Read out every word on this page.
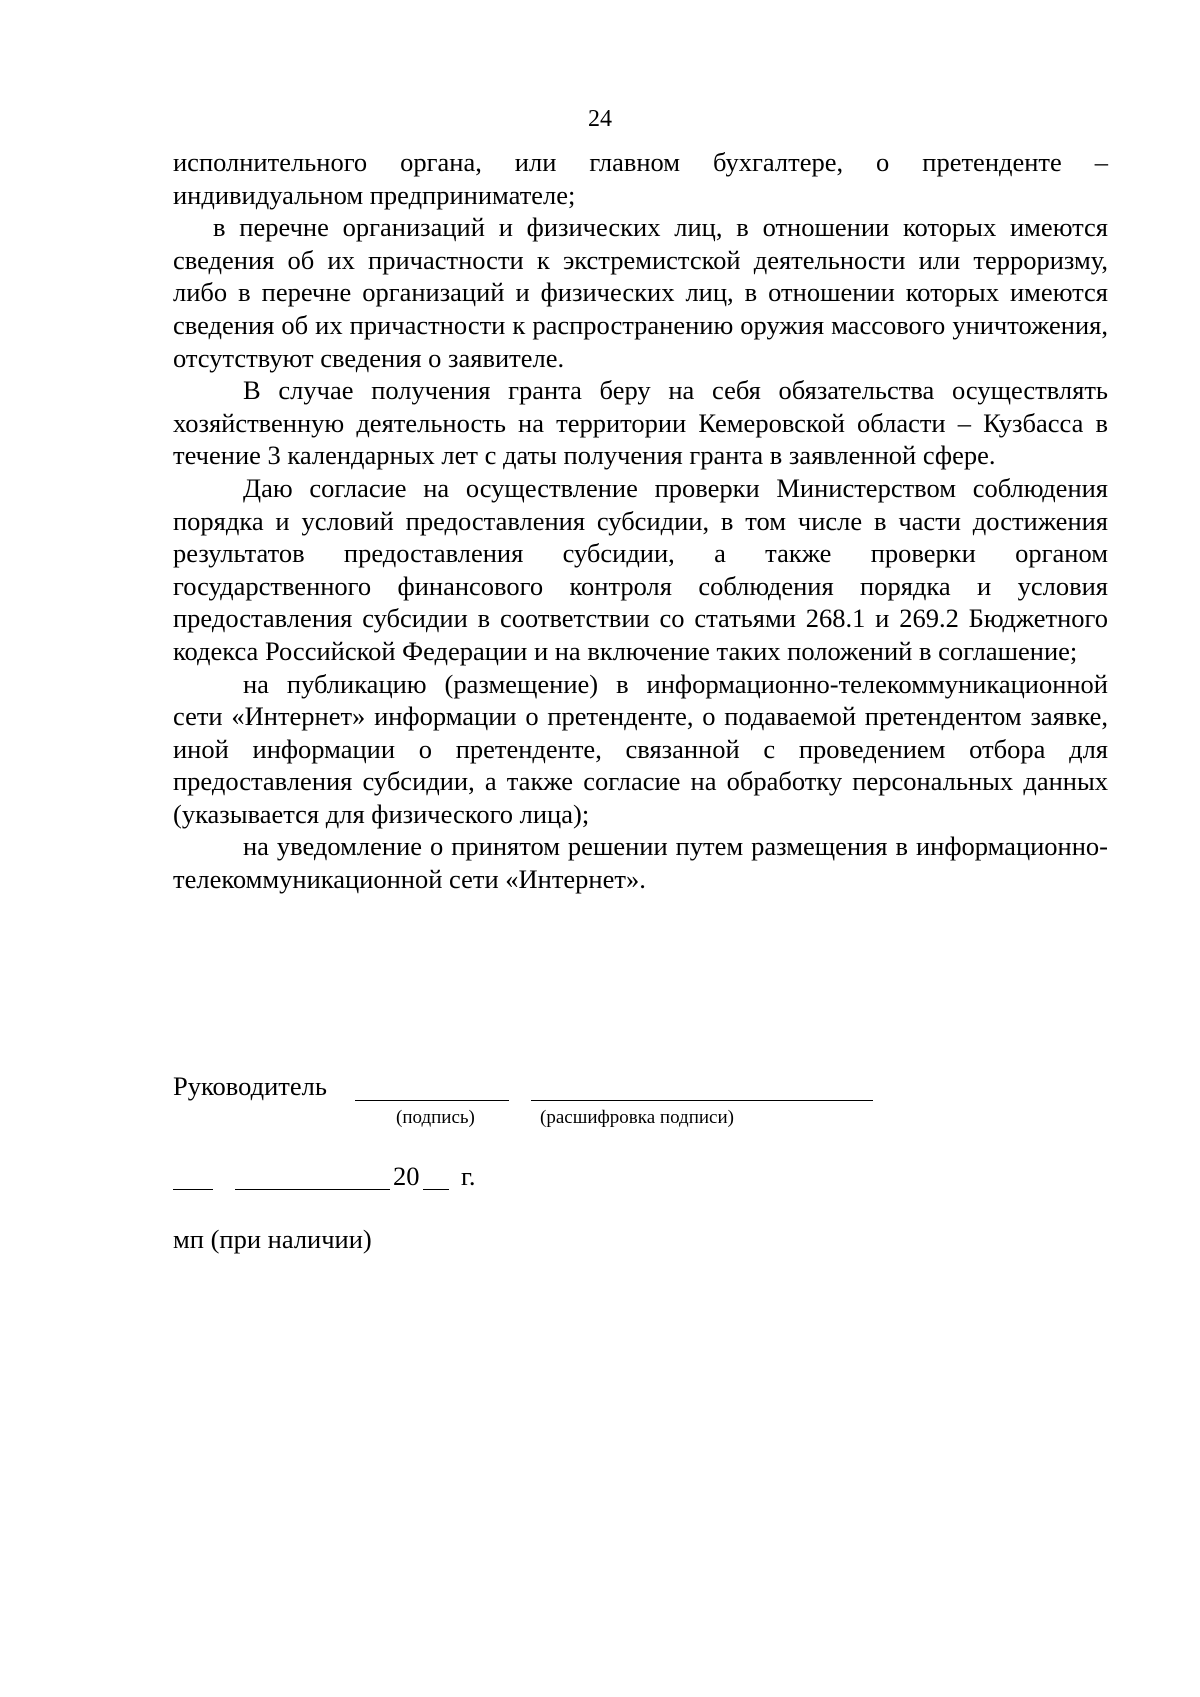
24

исполнительного органа, или главном бухгалтере, о претенденте – индивидуальном предпринимателе;

в перечне организаций и физических лиц, в отношении которых имеются сведения об их причастности к экстремистской деятельности или терроризму, либо в перечне организаций и физических лиц, в отношении которых имеются сведения об их причастности к распространению оружия массового уничтожения, отсутствуют сведения о заявителе.

В случае получения гранта беру на себя обязательства осуществлять хозяйственную деятельность на территории Кемеровской области – Кузбасса в течение 3 календарных лет с даты получения гранта в заявленной сфере.

Даю согласие на осуществление проверки Министерством соблюдения порядка и условий предоставления субсидии, в том числе в части достижения результатов предоставления субсидии, а также проверки органом государственного финансового контроля соблюдения порядка и условия предоставления субсидии в соответствии со статьями 268.1 и 269.2 Бюджетного кодекса Российской Федерации и на включение таких положений в соглашение;

на публикацию (размещение) в информационно-телекоммуникационной сети «Интернет» информации о претенденте, о подаваемой претендентом заявке, иной информации о претенденте, связанной с проведением отбора для предоставления субсидии, а также согласие на обработку персональных данных (указывается для физического лица);

на уведомление о принятом решении путем размещения в информационно-телекоммуникационной сети «Интернет».

Руководитель
(подпись)	(расшифровка подписи)
20 г.
мп (при наличии)
